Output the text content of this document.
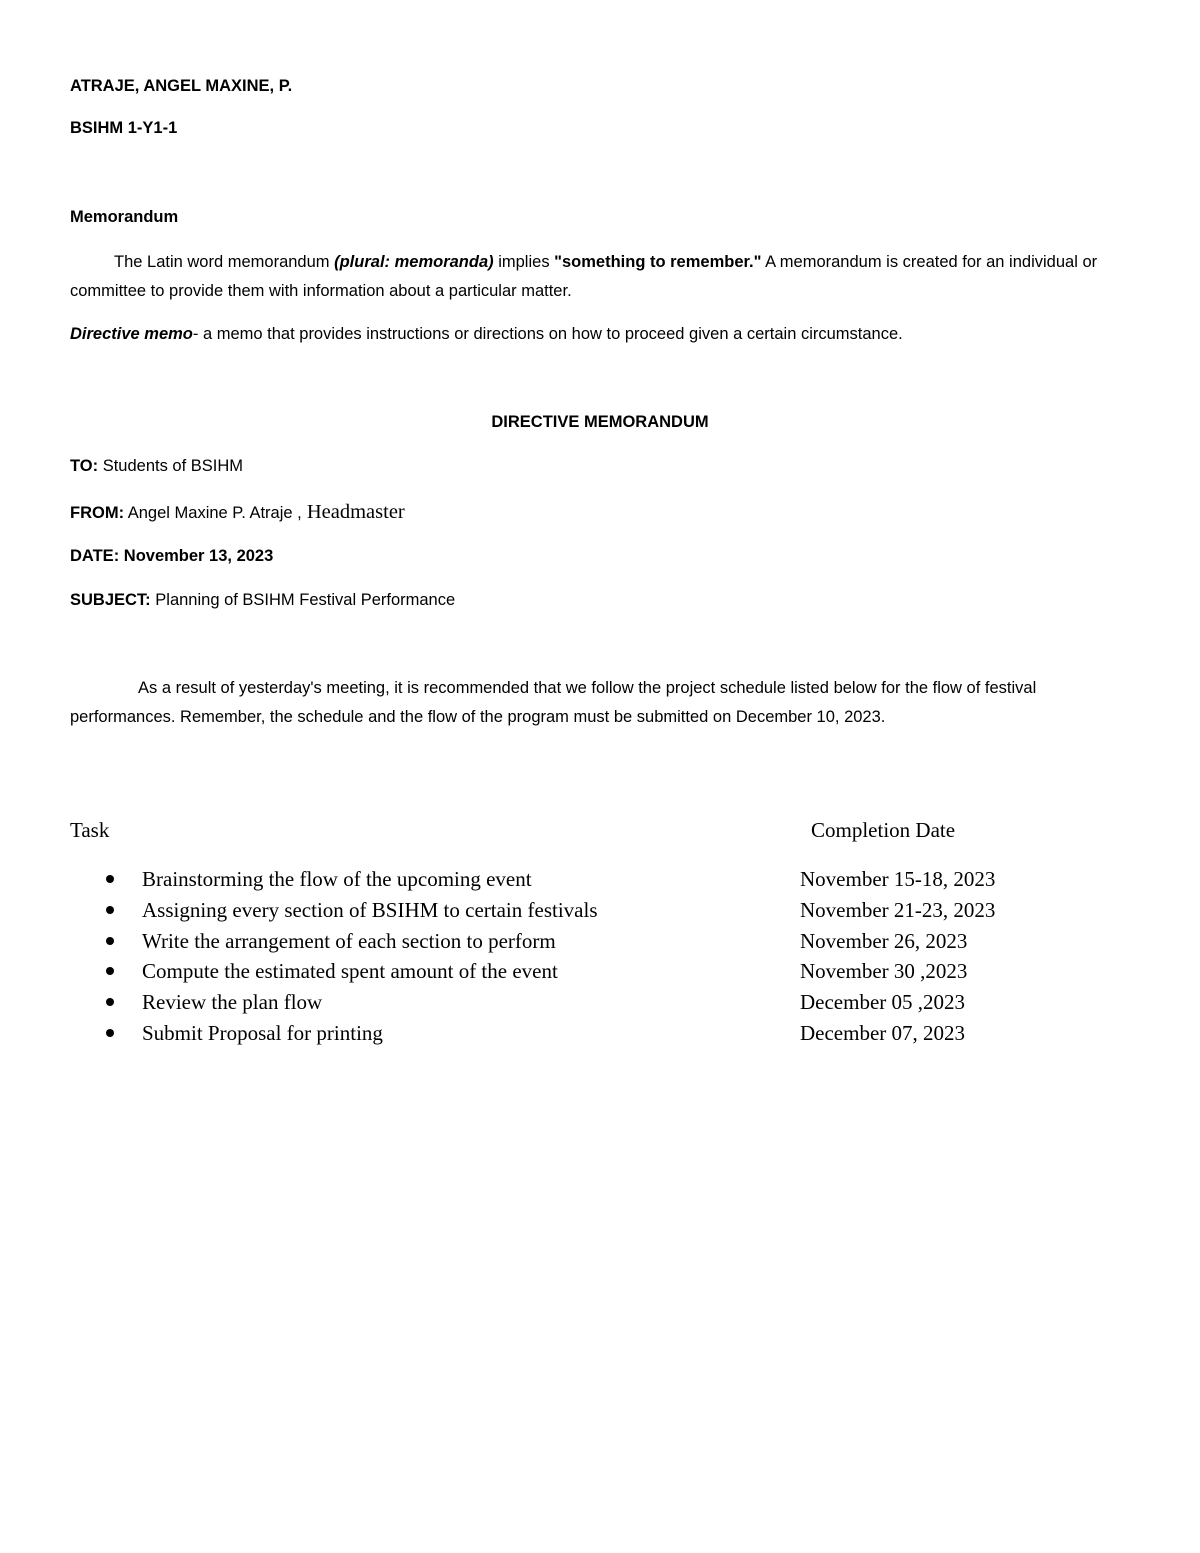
ATRAJE, ANGEL MAXINE, P.
BSIHM 1-Y1-1
Memorandum
The Latin word memorandum (plural: memoranda) implies "something to remember." A memorandum is created for an individual or committee to provide them with information about a particular matter.
Directive memo- a memo that provides instructions or directions on how to proceed given a certain circumstance.
DIRECTIVE MEMORANDUM
TO: Students of BSIHM
FROM: Angel Maxine P. Atraje , Headmaster
DATE: November 13, 2023
SUBJECT: Planning of BSIHM Festival Performance
As a result of yesterday's meeting, it is recommended that we follow the project schedule listed below for the flow of festival performances. Remember, the schedule and the flow of the program must be submitted on December 10, 2023.
Task	Completion Date
Brainstorming the flow of the upcoming event	November 15-18, 2023
Assigning every section of BSIHM to certain festivals	November 21-23, 2023
Write the arrangement of each section to perform	November 26, 2023
Compute the estimated spent amount of the event	November 30 ,2023
Review the plan flow	December 05 ,2023
Submit Proposal for printing	December 07, 2023
